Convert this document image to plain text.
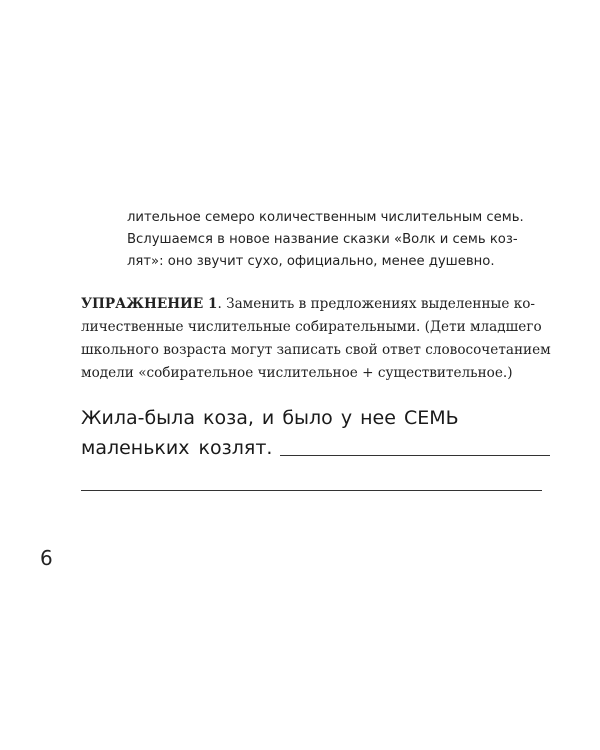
лительное семеро количественным числительным семь.
Вслушаемся в новое название сказки «Волк и семь коз-
лят»: оно звучит сухо, официально, менее душевно.
УПРАЖНЕНИЕ 1. Заменить в предложениях выделенные ко-
личественные числительные собирательными. (Дети младшего
школьного возраста могут записать свой ответ словосочетанием
модели «собирательное числительное + существительное.)
Жила-была коза, и было у нее СЕМЬ
маленьких козлят.
6
